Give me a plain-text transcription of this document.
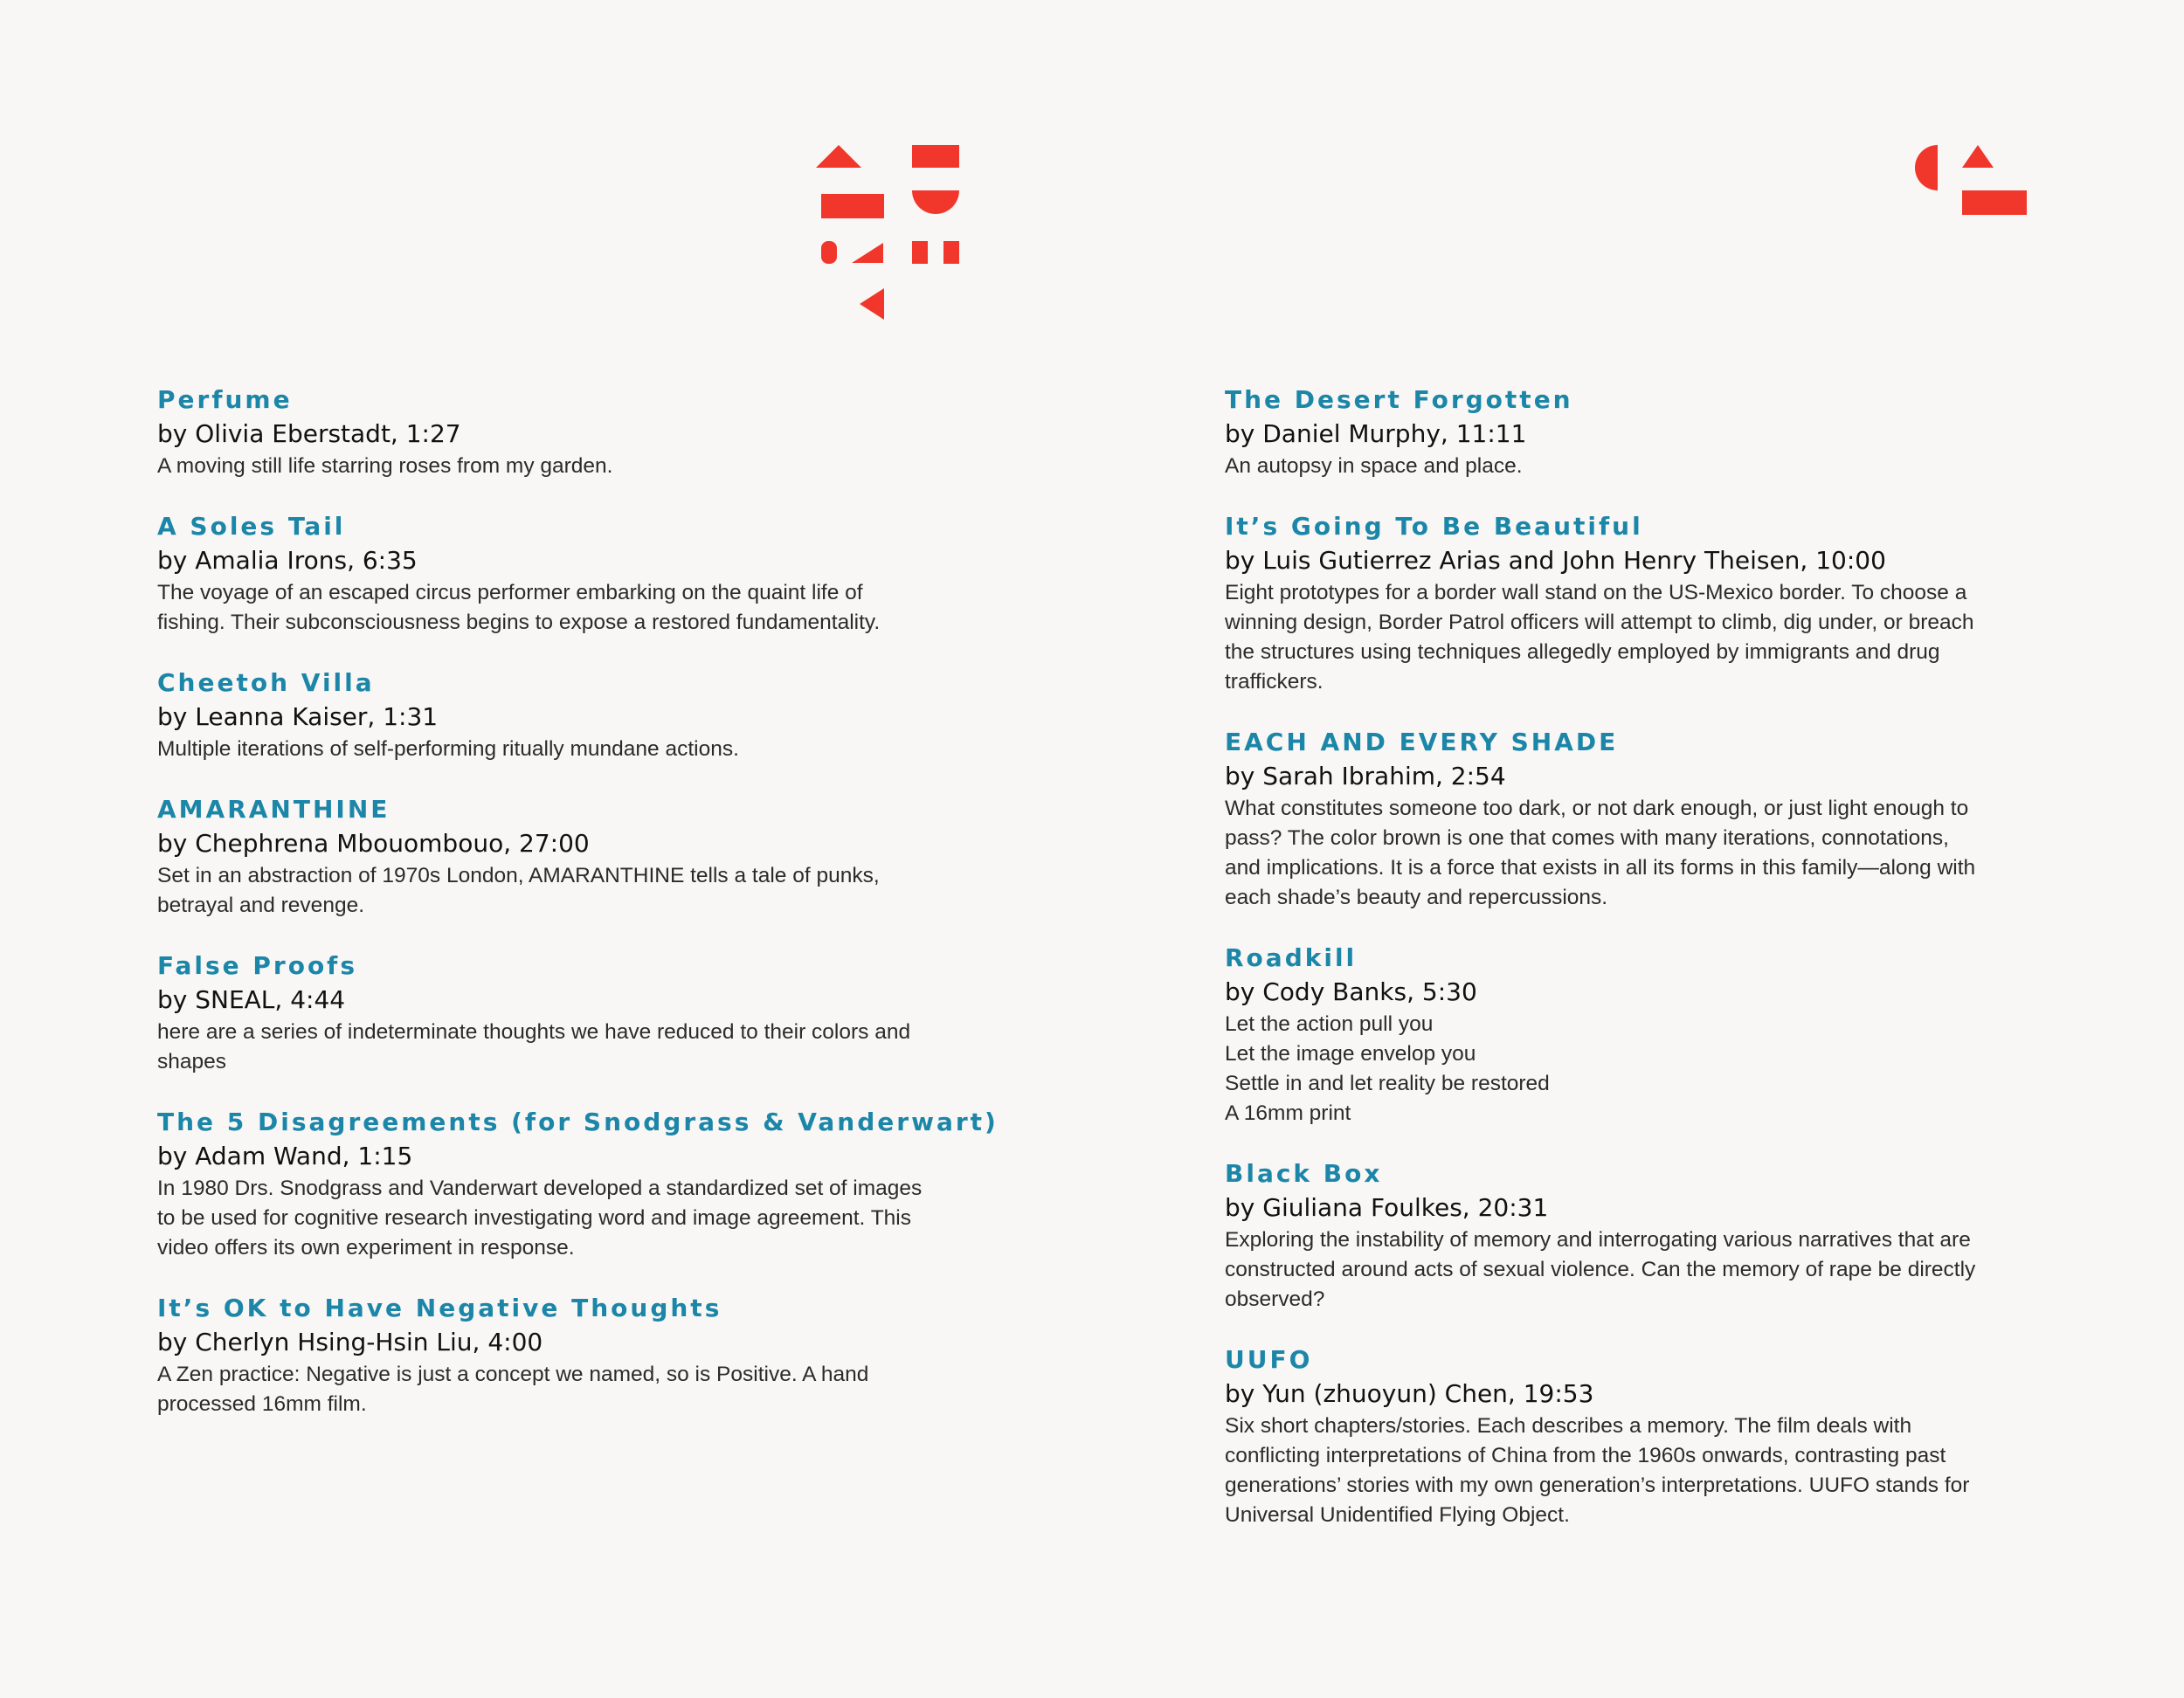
Perfume
by Olivia Eberstadt, 1:27
A moving still life starring roses from my garden.
A Soles Tail
by Amalia Irons, 6:35
The voyage of an escaped circus performer embarking on the quaint life of
fishing. Their subconsciousness begins to expose a restored fundamentality.
Cheetoh Villa
by Leanna Kaiser, 1:31
Multiple iterations of self-performing ritually mundane actions.
AMARANTHINE
by Chephrena Mbouombouo, 27:00
Set in an abstraction of 1970s London, AMARANTHINE tells a tale of punks,
betrayal and revenge.
False Proofs
by SNEAL, 4:44
here are a series of indeterminate thoughts we have reduced to their colors and
shapes
The 5 Disagreements (for Snodgrass & Vanderwart)
by Adam Wand, 1:15
In 1980 Drs. Snodgrass and Vanderwart developed a standardized set of images
to be used for cognitive research investigating word and image agreement. This
video offers its own experiment in response.
It’s OK to Have Negative Thoughts
by Cherlyn Hsing-Hsin Liu, 4:00
A Zen practice: Negative is just a concept we named, so is Positive. A hand
processed 16mm film.
The Desert Forgotten
by Daniel Murphy, 11:11
An autopsy in space and place.
It’s Going To Be Beautiful
by Luis Gutierrez Arias and John Henry Theisen, 10:00
Eight prototypes for a border wall stand on the US-Mexico border. To choose a
winning design, Border Patrol officers will attempt to climb, dig under, or breach
the structures using techniques allegedly employed by immigrants and drug
traffickers.
EACH AND EVERY SHADE
by Sarah Ibrahim, 2:54
What constitutes someone too dark, or not dark enough, or just light enough to
pass? The color brown is one that comes with many iterations, connotations,
and implications. It is a force that exists in all its forms in this family—along with
each shade’s beauty and repercussions.
Roadkill
by Cody Banks, 5:30
Let the action pull you
Let the image envelop you
Settle in and let reality be restored
A 16mm print
Black Box
by Giuliana Foulkes, 20:31
Exploring the instability of memory and interrogating various narratives that are
constructed around acts of sexual violence. Can the memory of rape be directly
observed?
UUFO
by Yun (zhuoyun) Chen, 19:53
Six short chapters/stories. Each describes a memory. The film deals with
conflicting interpretations of China from the 1960s onwards, contrasting past
generations’ stories with my own generation’s interpretations. UUFO stands for
Universal Unidentified Flying Object.
